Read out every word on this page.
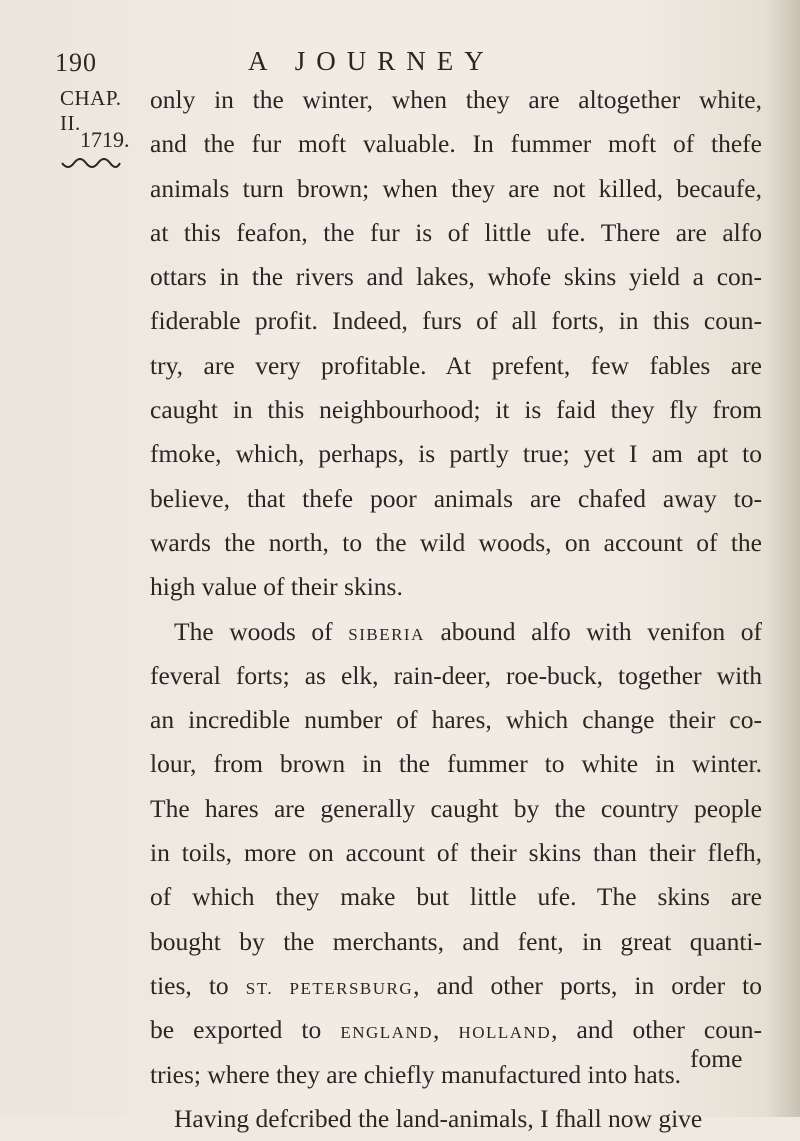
190	A JOURNEY
CHAP. II.
1719.
only in the winter, when they are altogether white,
and the fur moft valuable. In fummer moft of thefe
animals turn brown; when they are not killed, becaufe,
at this feafon, the fur is of little ufe. There are alfo
ottars in the rivers and lakes, whofe skins yield a con-
fiderable profit. Indeed, furs of all forts, in this coun-
try, are very profitable. At prefent, few fables are
caught in this neighbourhood; it is faid they fly from
fmoke, which, perhaps, is partly true; yet I am apt to
believe, that thefe poor animals are chafed away to-
wards the north, to the wild woods, on account of the
high value of their skins.
The woods of SIBERIA abound alfo with venifon of
feveral forts; as elk, rain-deer, roe-buck, together with
an incredible number of hares, which change their co-
lour, from brown in the fummer to white in winter.
The hares are generally caught by the country people
in toils, more on account of their skins than their flefh,
of which they make but little ufe. The skins are
bought by the merchants, and fent, in great quanti-
ties, to ST. PETERSBURG, and other ports, in order to
be exported to ENGLAND, HOLLAND, and other coun-
tries; where they are chiefly manufactured into hats.
Having defcribed the land-animals, I fhall now give
fome
